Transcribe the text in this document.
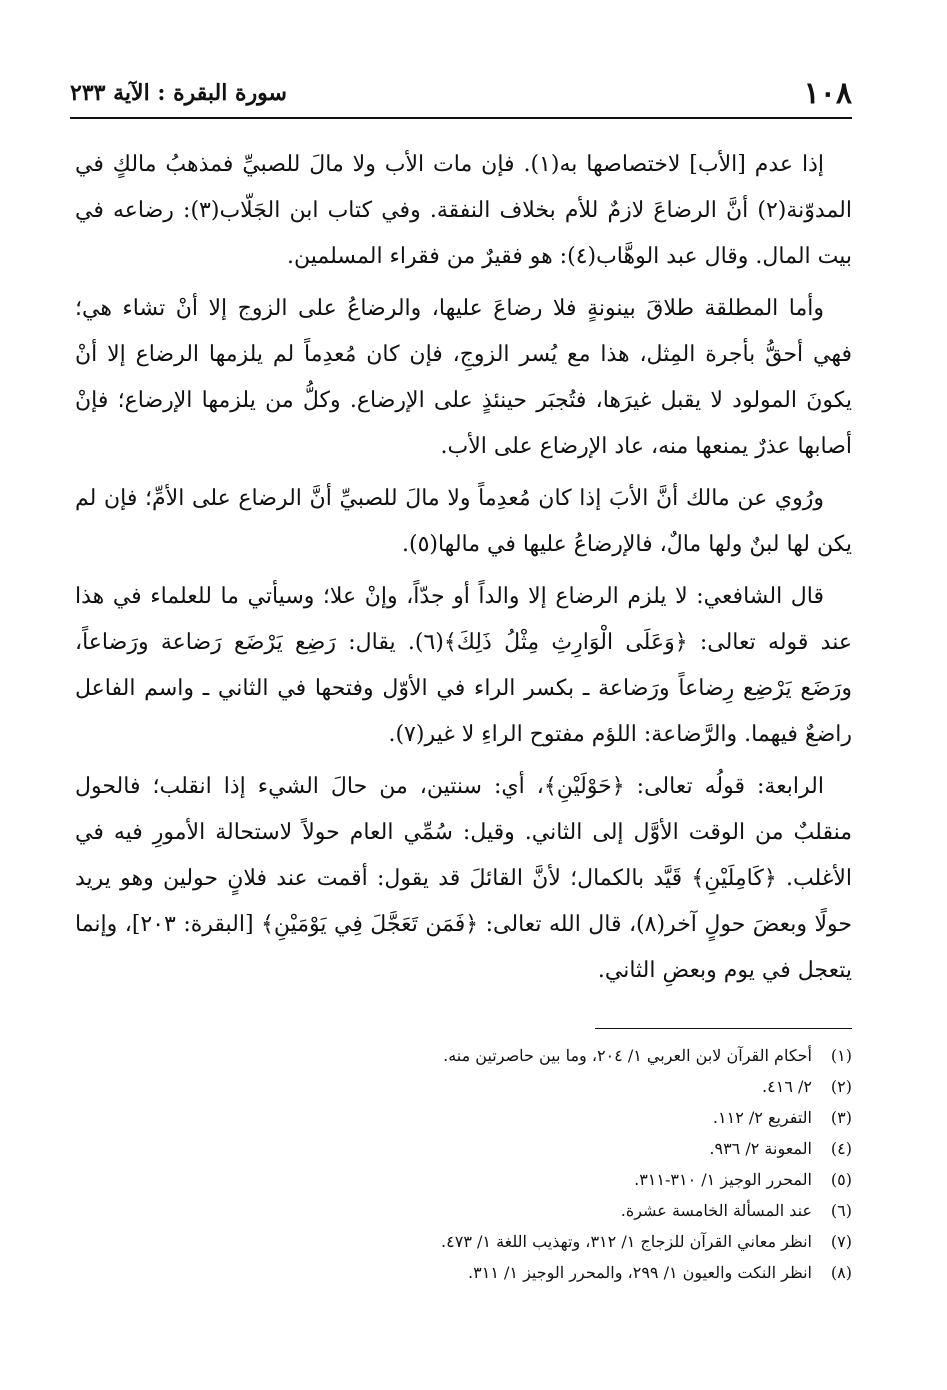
١٠٨
سورة البقرة : الآية ٢٣٣

إذا عدم [الأب] لاختصاصها به(١). فإن مات الأب ولا مالَ للصبيِّ فمذهبُ مالكٍ في المدوّنة(٢) أنَّ الرضاعَ لازمٌ للأم بخلاف النفقة. وفي كتاب ابن الجَلّاب(٣): رضاعه في بيت المال. وقال عبد الوهَّاب(٤): هو فقيرٌ من فقراء المسلمين.

وأما المطلقة طلاقَ بينونةٍ فلا رضاعَ عليها، والرضاعُ على الزوج إلا أنْ تشاء هي؛ فهي أحقُّ بأجرة المِثل، هذا مع يُسر الزوجِ، فإن كان مُعدِماً لم يلزمها الرضاع إلا أنْ يكونَ المولود لا يقبل غيرَها، فتُجبَر حينئذٍ على الإرضاع. وكلُّ من يلزمها الإرضاع؛ فإنْ أصابها عذرٌ يمنعها منه، عاد الإرضاع على الأب.

ورُوي عن مالك أنَّ الأبَ إذا كان مُعدِماً ولا مالَ للصبيِّ أنَّ الرضاع على الأمِّ؛ فإن لم يكن لها لبنٌ ولها مالٌ، فالإرضاعُ عليها في مالها(٥).

قال الشافعي: لا يلزم الرضاع إلا والداً أو جدّاً، وإنْ علا؛ وسيأتي ما للعلماء في هذا عند قوله تعالى: ﴿وَعَلَى الْوَارِثِ مِثْلُ ذَلِكَ﴾(٦). يقال: رَضِع يَرْضَع رَضاعة ورَضاعاً، ورَضَع يَرْضِع رِضاعاً ورَضاعة ـ بكسر الراء في الأوّل وفتحها في الثاني ـ واسم الفاعل راضعٌ فيهما. والرَّضاعة: اللؤم مفتوح الراءِ لا غير(٧).

الرابعة: قولُه تعالى: ﴿حَوْلَيْنِ﴾، أي: سنتين، من حالَ الشيء إذا انقلب؛ فالحول منقلبٌ من الوقت الأوَّل إلى الثاني. وقيل: سُمِّي العام حولاً لاستحالة الأمورِ فيه في الأغلب. ﴿كَامِلَيْنِ﴾ قَيَّد بالكمال؛ لأنَّ القائلَ قد يقول: أقمت عند فلانٍ حولين وهو يريد حولًا وبعضَ حولٍ آخر(٨)، قال الله تعالى: ﴿فَمَن تَعَجَّلَ فِي يَوْمَيْنِ﴾ [البقرة: ٢٠٣]، وإنما يتعجل في يوم وبعضِ الثاني.

(١)أحكام القرآن لابن العربي ١/ ٢٠٤، وما بين حاصرتين منه.
(٢)٢/ ٤١٦.
(٣)التفريع ٢/ ١١٢.
(٤)المعونة ٢/ ٩٣٦.
(٥)المحرر الوجيز ١/ ٣١٠-٣١١.
(٦)عند المسألة الخامسة عشرة.
(٧)انظر معاني القرآن للزجاج ١/ ٣١٢، وتهذيب اللغة ١/ ٤٧٣.
(٨)انظر النكت والعيون ١/ ٢٩٩، والمحرر الوجيز ١/ ٣١١.
